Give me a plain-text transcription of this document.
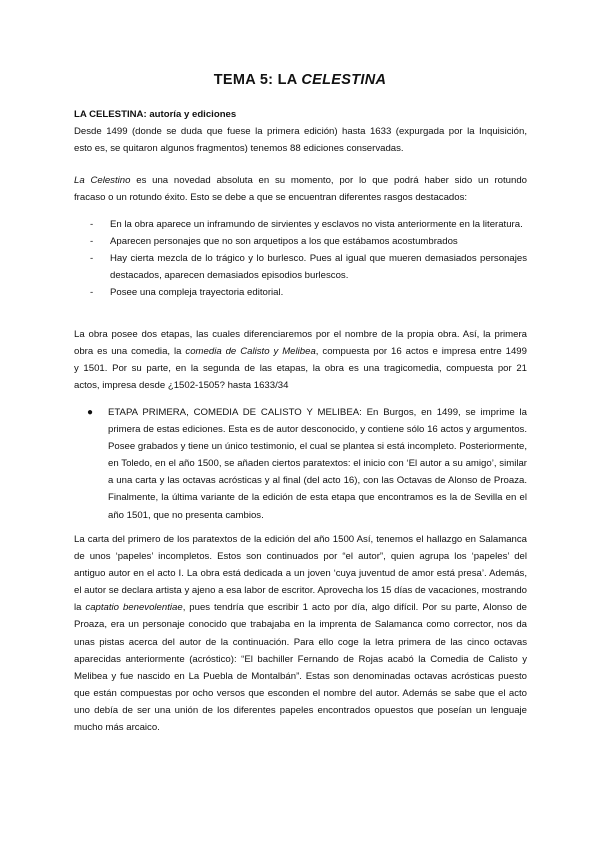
TEMA 5: LA CELESTINA
LA CELESTINA: autoría y ediciones
Desde 1499 (donde se duda que fuese la primera edición) hasta 1633 (expurgada por la Inquisición,
esto es, se quitaron algunos fragmentos) tenemos 88 ediciones conservadas.
La Celestino es una novedad absoluta en su momento, por lo que podrá haber sido un rotundo
fracaso o un rotundo éxito. Esto se debe a que se encuentran diferentes rasgos destacados:
- En la obra aparece un inframundo de sirvientes y esclavos no vista anteriormente en la literatura.
- Aparecen personajes que no son arquetipos a los que estábamos acostumbrados
- Hay cierta mezcla de lo trágico y lo burlesco. Pues al igual que mueren demasiados personajes destacados, aparecen demasiados episodios burlescos.
- Posee una compleja trayectoria editorial.
La obra posee dos etapas, las cuales diferenciaremos por el nombre de la propia obra. Así, la primera
obra es una comedia, la comedia de Calisto y Melibea, compuesta por 16 actos e impresa entre 1499
y 1501. Por su parte, en la segunda de las etapas, la obra es una tragicomedia, compuesta por 21
actos, impresa desde ¿1502-1505? hasta 1633/34
● ETAPA PRIMERA, COMEDIA DE CALISTO Y MELIBEA: En Burgos, en 1499, se imprime la primera de estas ediciones. Esta es de autor desconocido, y contiene sólo 16 actos y argumentos. Posee grabados y tiene un único testimonio, el cual se plantea si está incompleto. Posteriormente, en Toledo, en el año 1500, se añaden ciertos paratextos: el inicio con ‘El autor a su amigo’, similar a una carta y las octavas acrósticas y al final (del acto 16), con las Octavas de Alonso de Proaza. Finalmente, la última variante de la edición de esta etapa que encontramos es la de Sevilla en el año 1501, que no presenta cambios.
La carta del primero de los paratextos de la edición del año 1500 Así, tenemos el hallazgo en Salamanca de unos ‘papeles’ incompletos. Estos son continuados por “el autor”, quien agrupa los ‘papeles’ del antiguo autor en el acto I. La obra está dedicada a un joven ‘cuya juventud de amor está presa’. Además, el autor se declara artista y ajeno a esa labor de escritor. Aprovecha los 15 días de vacaciones, mostrando la captatio benevolentiae, pues tendría que escribir 1 acto por día, algo difícil. Por su parte, Alonso de Proaza, era un personaje conocido que trabajaba en la imprenta de Salamanca como corrector, nos da unas pistas acerca del autor de la continuación. Para ello coge la letra primera de las cinco octavas aparecidas anteriormente (acróstico): “El bachiller Fernando de Rojas acabó la Comedia de Calisto y Melibea y fue nascido en La Puebla de Montalbán”. Estas son denominadas octavas acrósticas puesto que están compuestas por ocho versos que esconden el nombre del autor. Además se sabe que el acto uno debía de ser una unión de los diferentes papeles encontrados opuestos que poseían un lenguaje mucho más arcaico.
